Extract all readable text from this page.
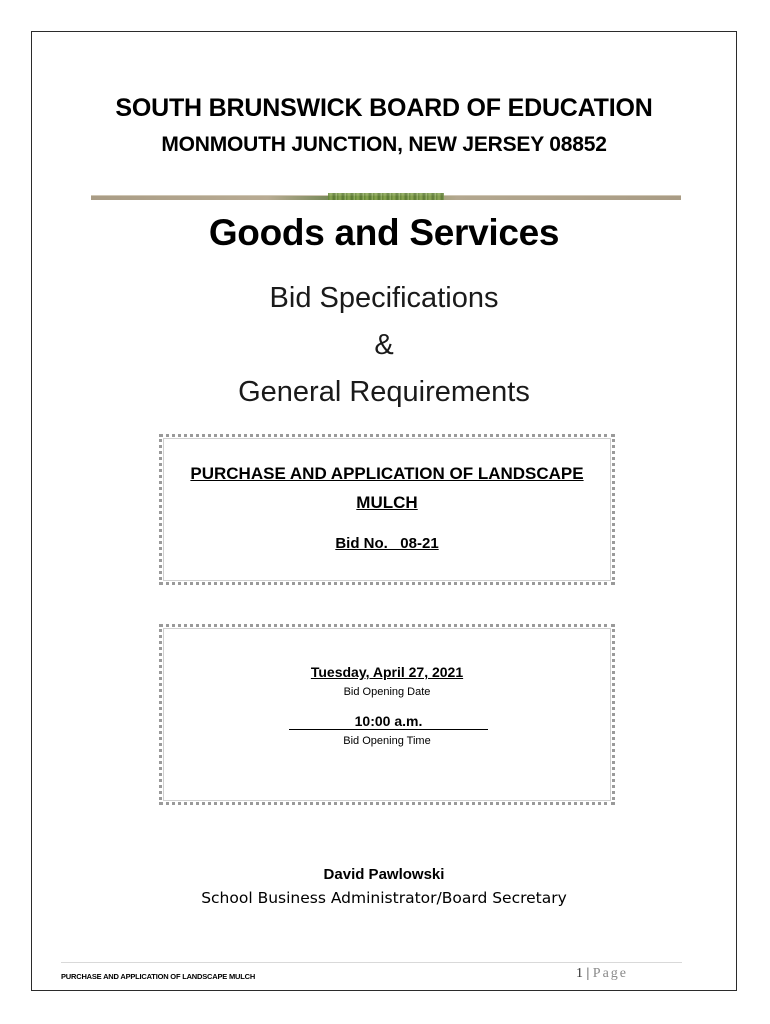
SOUTH BRUNSWICK BOARD OF EDUCATION
MONMOUTH JUNCTION, NEW JERSEY 08852
Goods and Services
Bid Specifications
&
General Requirements
PURCHASE AND APPLICATION OF LANDSCAPE MULCH
Bid No.   08-21
Tuesday, April 27, 2021
Bid Opening Date
10:00 a.m.
Bid Opening Time
David Pawlowski
School Business Administrator/Board Secretary
PURCHASE AND APPLICATION OF LANDSCAPE MULCH	1 | Page
